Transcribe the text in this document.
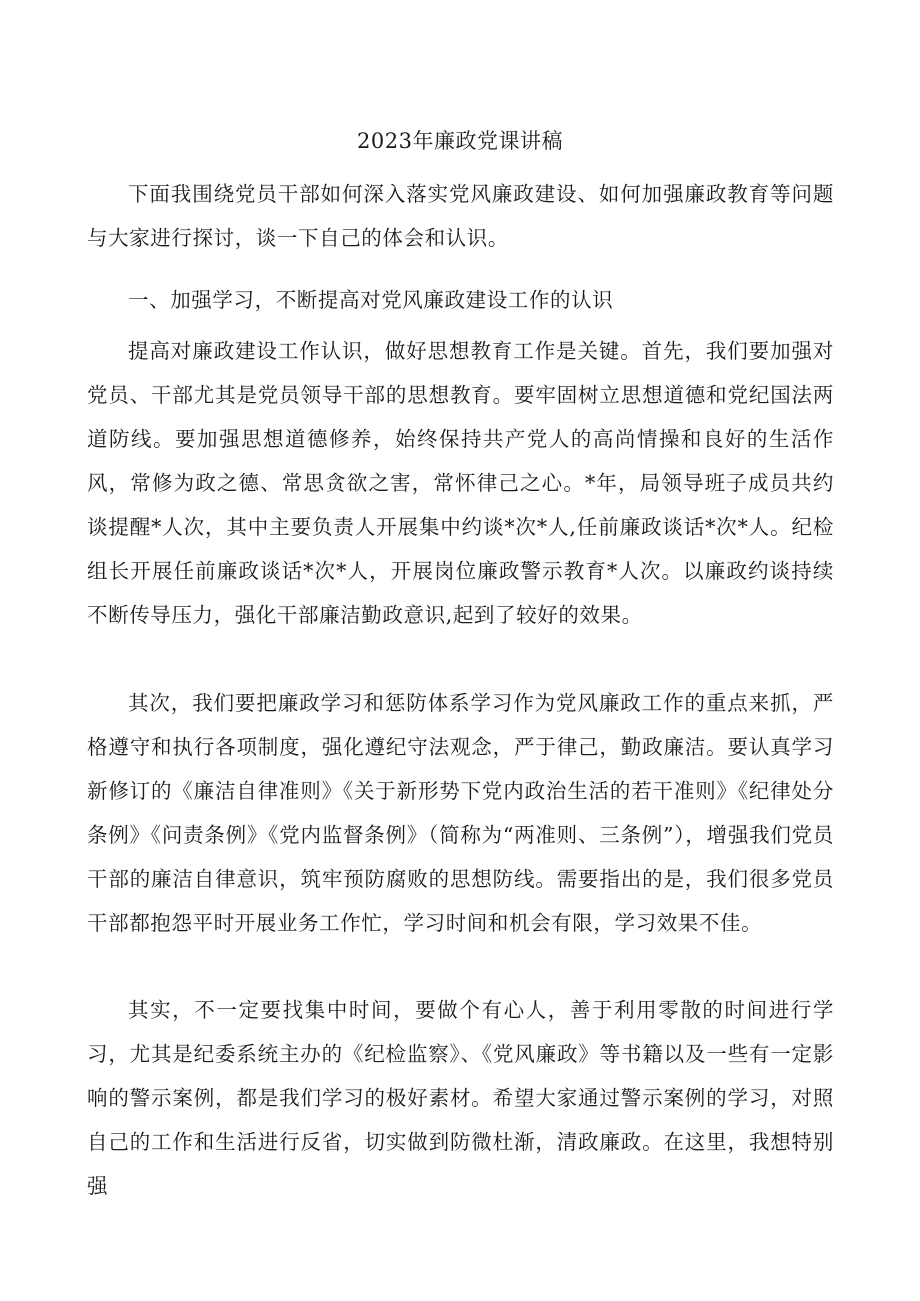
2023年廉政党课讲稿

下面我围绕党员干部如何深入落实党风廉政建设、如何加强廉政教育等问题与大家进行探讨，谈一下自己的体会和认识。

一、加强学习，不断提高对党风廉政建设工作的认识

提高对廉政建设工作认识，做好思想教育工作是关键。首先，我们要加强对党员、干部尤其是党员领导干部的思想教育。要牢固树立思想道德和党纪国法两道防线。要加强思想道德修养，始终保持共产党人的高尚情操和良好的生活作风，常修为政之德、常思贪欲之害，常怀律己之心。*年，局领导班子成员共约谈提醒*人次，其中主要负责人开展集中约谈*次*人,任前廉政谈话*次*人。纪检组长开展任前廉政谈话*次*人，开展岗位廉政警示教育*人次。以廉政约谈持续不断传导压力，强化干部廉洁勤政意识,起到了较好的效果。

其次，我们要把廉政学习和惩防体系学习作为党风廉政工作的重点来抓，严格遵守和执行各项制度，强化遵纪守法观念，严于律己，勤政廉洁。要认真学习新修订的《廉洁自律准则》《关于新形势下党内政治生活的若干准则》《纪律处分条例》《问责条例》《党内监督条例》（简称为“两准则、三条例”），增强我们党员干部的廉洁自律意识，筑牢预防腐败的思想防线。需要指出的是，我们很多党员干部都抱怨平时开展业务工作忙，学习时间和机会有限，学习效果不佳。

其实，不一定要找集中时间，要做个有心人，善于利用零散的时间进行学习，尤其是纪委系统主办的《纪检监察》、《党风廉政》等书籍以及一些有一定影响的警示案例，都是我们学习的极好素材。希望大家通过警示案例的学习，对照自己的工作和生活进行反省，切实做到防微杜渐，清政廉政。在这里，我想特别强
